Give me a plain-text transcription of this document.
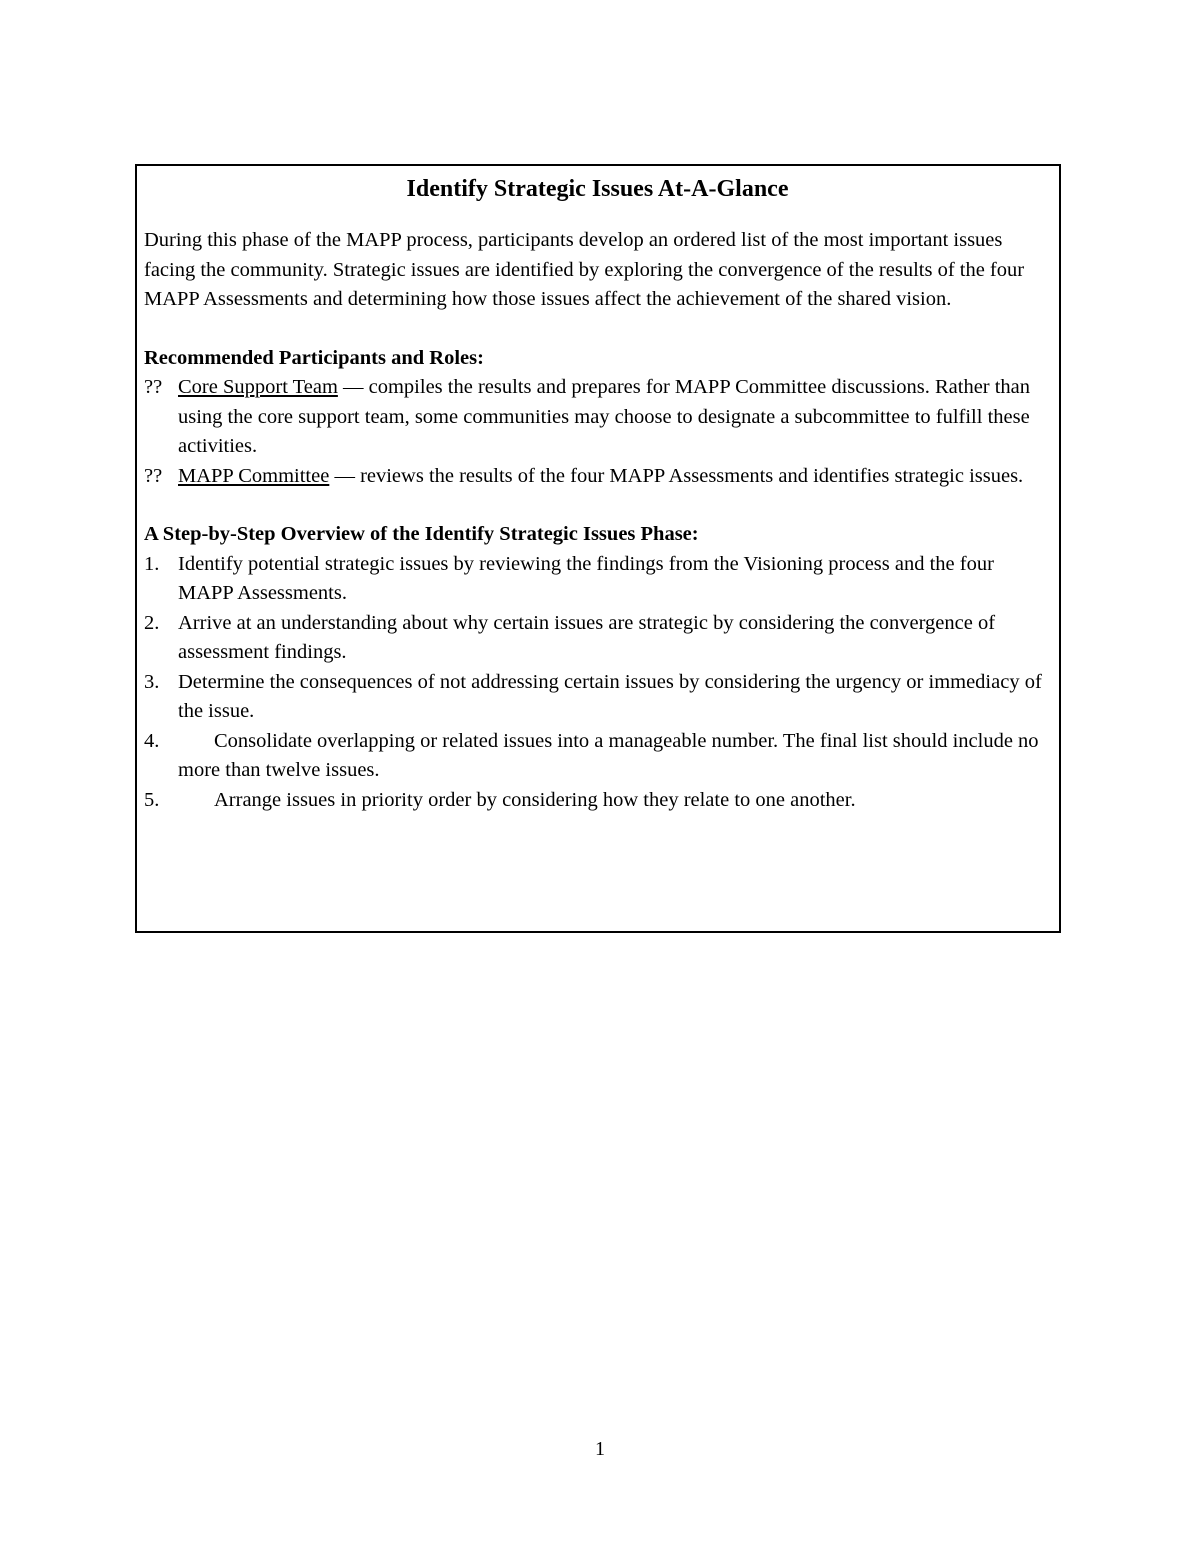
Identify Strategic Issues At-A-Glance

During this phase of the MAPP process, participants develop an ordered list of the most important issues facing the community. Strategic issues are identified by exploring the convergence of the results of the four MAPP Assessments and determining how those issues affect the achievement of the shared vision.

Recommended Participants and Roles:

?? Core Support Team — compiles the results and prepares for MAPP Committee discussions. Rather than using the core support team, some communities may choose to designate a subcommittee to fulfill these activities.
?? MAPP Committee — reviews the results of the four MAPP Assessments and identifies strategic issues.

A Step-by-Step Overview of the Identify Strategic Issues Phase:

1. Identify potential strategic issues by reviewing the findings from the Visioning process and the four MAPP Assessments.
2. Arrive at an understanding about why certain issues are strategic by considering the convergence of assessment findings.
3. Determine the consequences of not addressing certain issues by considering the urgency or immediacy of the issue.
4.	Consolidate overlapping or related issues into a manageable number. The final list should include no more than twelve issues.
5.	Arrange issues in priority order by considering how they relate to one another.
1
